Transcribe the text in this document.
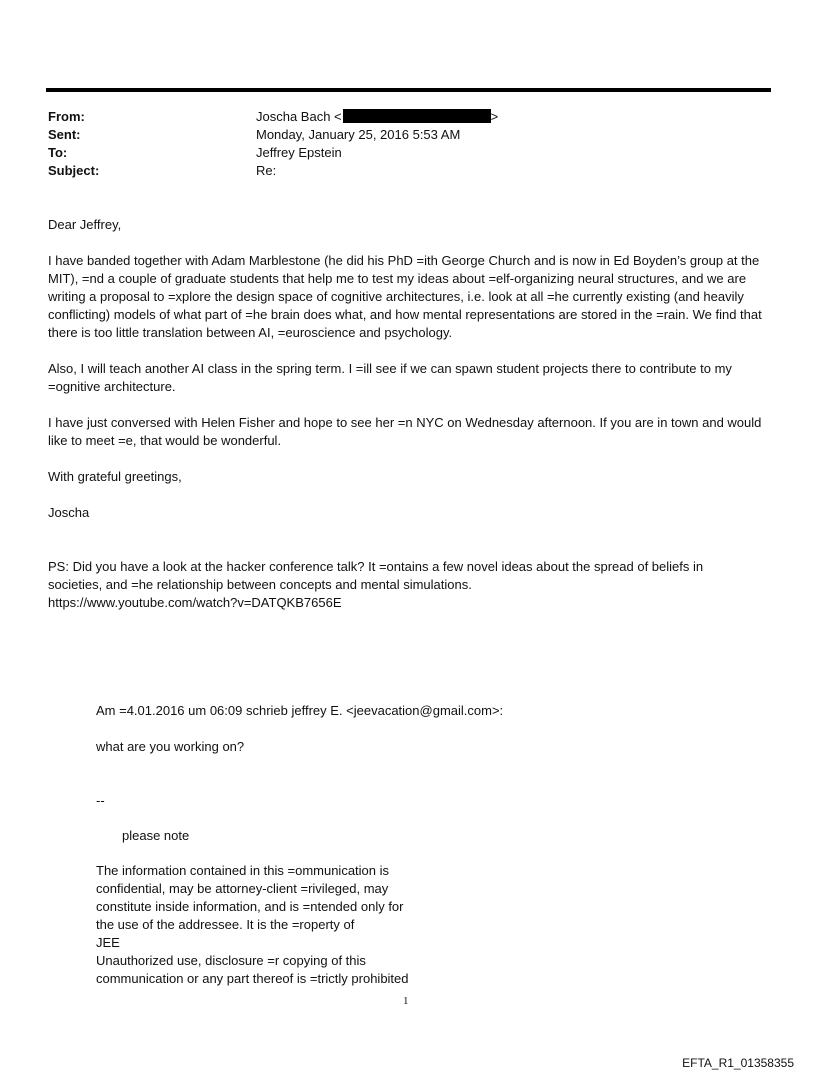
From:	Joscha Bach <	>
Sent:	Monday, January 25, 2016 5:53 AM
To:	Jeffrey Epstein
Subject:	Re:
Dear Jeffrey,
I have banded together with Adam Marblestone (he did his PhD =ith George Church and is now in Ed Boyden’s group at the MIT), =nd a couple of graduate students that help me to test my ideas about =elf-organizing neural structures, and we are writing a proposal to =xplore the design space of cognitive architectures, i.e. look at all =he currently existing (and heavily conflicting) models of what part of =he brain does what, and how mental representations are stored in the =rain. We find that there is too little translation between AI, =euroscience and psychology.
Also, I will teach another AI class in the spring term. I =ill see if we can spawn student projects there to contribute to my =ognitive architecture.
I have just conversed with Helen Fisher and hope to see her =n NYC on Wednesday afternoon. If you are in town and would like to meet =e, that would be wonderful.
With grateful greetings,
Joscha

PS: Did you have a look at the hacker conference talk? It =ontains a few novel ideas about the spread of beliefs in

societies, and =he relationship between concepts and mental simulations.

https://www.youtube.com/watch?v=DATQKB7656E

Am =4.01.2016 um 06:09 schrieb jeffrey E. <jeevacation@gmail.com>:
what are you working on?
--
please note

The information contained in this =ommunication is

confidential, may be attorney-client =rivileged, may

constitute inside information, and is =ntended only for

the use of the addressee. It is the =roperty of

JEE

Unauthorized use, disclosure =r copying of this

communication or any part thereof is =trictly prohibited

1
EFTA_R1_01358355
